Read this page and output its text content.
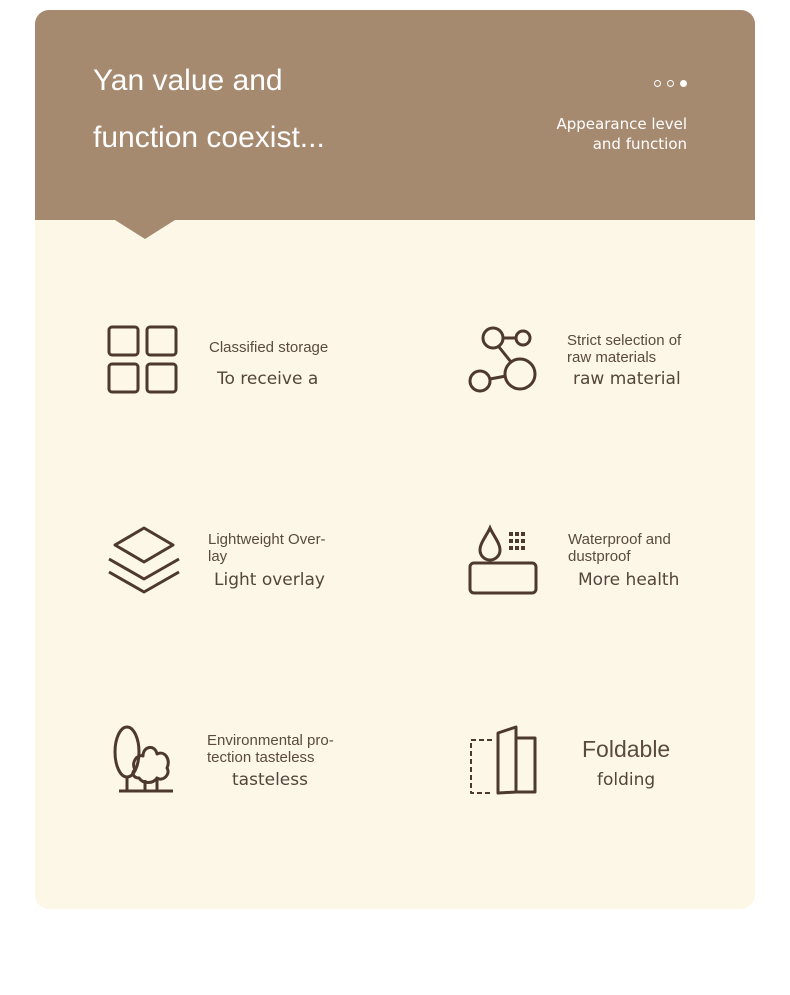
Yan value and
function coexist...	Appearance level
and function

Classified storage

To receive a

Strict selection of raw materials

raw material

Lightweight Over-lay

Light overlay

Waterproof and dustproof

More health

Environmental pro-tection tasteless

tasteless

Foldable

folding
